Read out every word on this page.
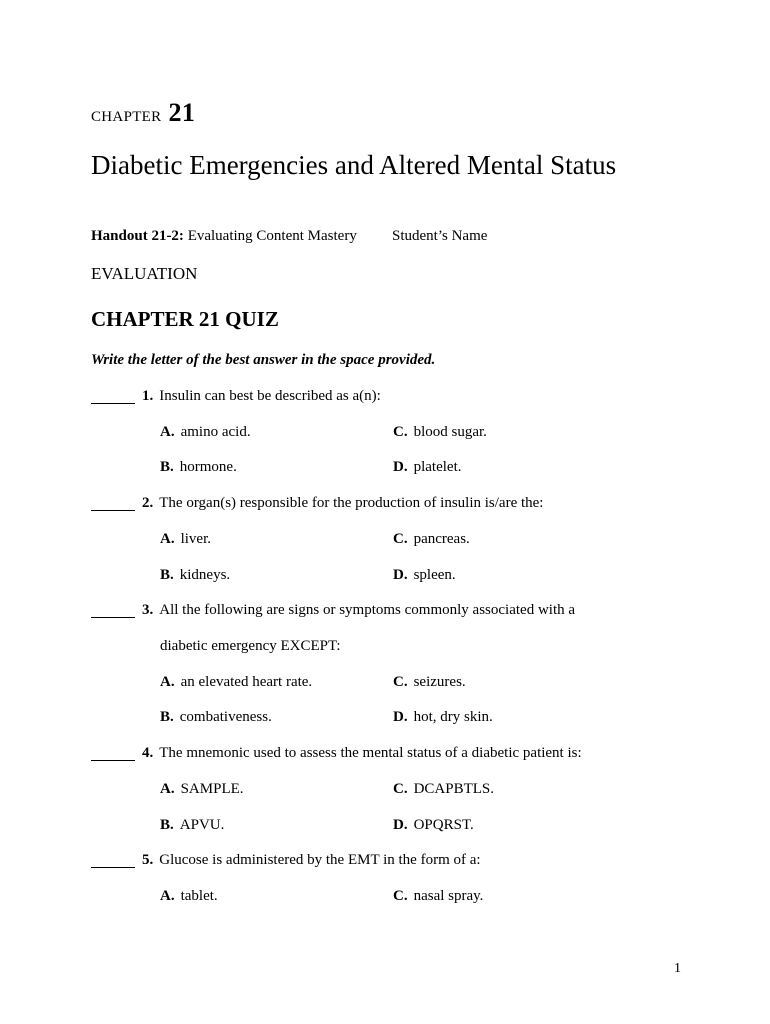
CHAPTER 21
Diabetic Emergencies and Altered Mental Status
Handout 21-2: Evaluating Content Mastery Student’s Name
EVALUATION
CHAPTER 21 QUIZ
Write the letter of the best answer in the space provided.
1. Insulin can best be described as a(n):
A. amino acid.	C. blood sugar.
B. hormone.	D. platelet.
2. The organ(s) responsible for the production of insulin is/are the:
A. liver.	C. pancreas.
B. kidneys.	D. spleen.
3. All the following are signs or symptoms commonly associated with a
diabetic emergency EXCEPT:
A. an elevated heart rate.	C. seizures.
B. combativeness.	D. hot, dry skin.
4. The mnemonic used to assess the mental status of a diabetic patient is:
A. SAMPLE.	C. DCAPBTLS.
B. APVU.	D. OPQRST.
5. Glucose is administered by the EMT in the form of a:
A. tablet.	C. nasal spray.
1
